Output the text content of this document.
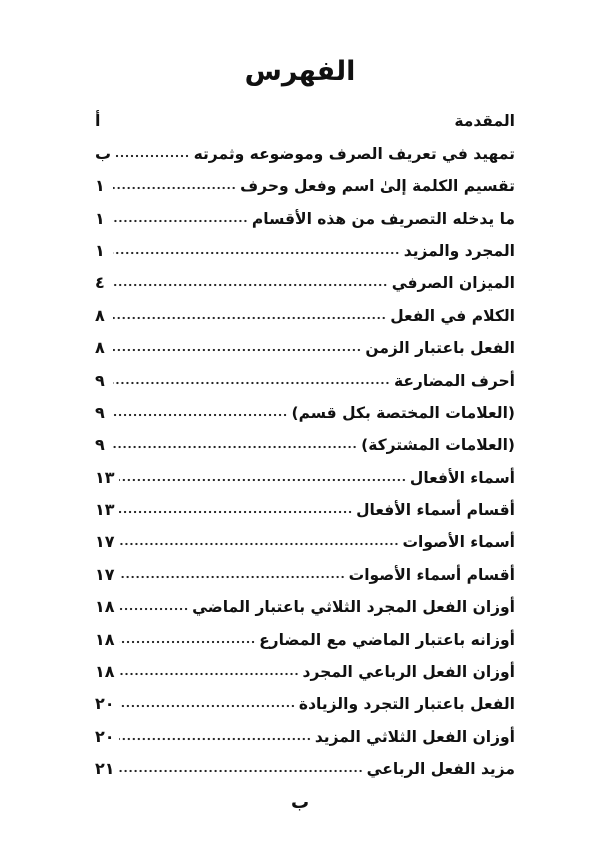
الفهرس
المقدمة
أ
تمهيد في تعريف الصرف وموضوعه وثمرته
ب
تقسيم الكلمة إلىٰ اسم وفعل وحرف
١
ما يدخله التصريف من هذه الأقسام
١
المجرد والمزيد
١
الميزان الصرفي
٤
الكلام في الفعل
٨
الفعل باعتبار الزمن
٨
أحرف المضارعة
٩
(العلامات المختصة بكل قسم)
٩
(العلامات المشتركة)
٩
أسماء الأفعال
١٣
أقسام أسماء الأفعال
١٣
أسماء الأصوات
١٧
أقسام أسماء الأصوات
١٧
أوزان الفعل المجرد الثلاثي باعتبار الماضي
١٨
أوزانه باعتبار الماضي مع المضارع
١٨
أوزان الفعل الرباعي المجرد
١٨
الفعل باعتبار التجرد والزيادة
٢٠
أوزان الفعل الثلاثي المزيد
٢٠
مزيد الفعل الرباعي
٢١
ب
